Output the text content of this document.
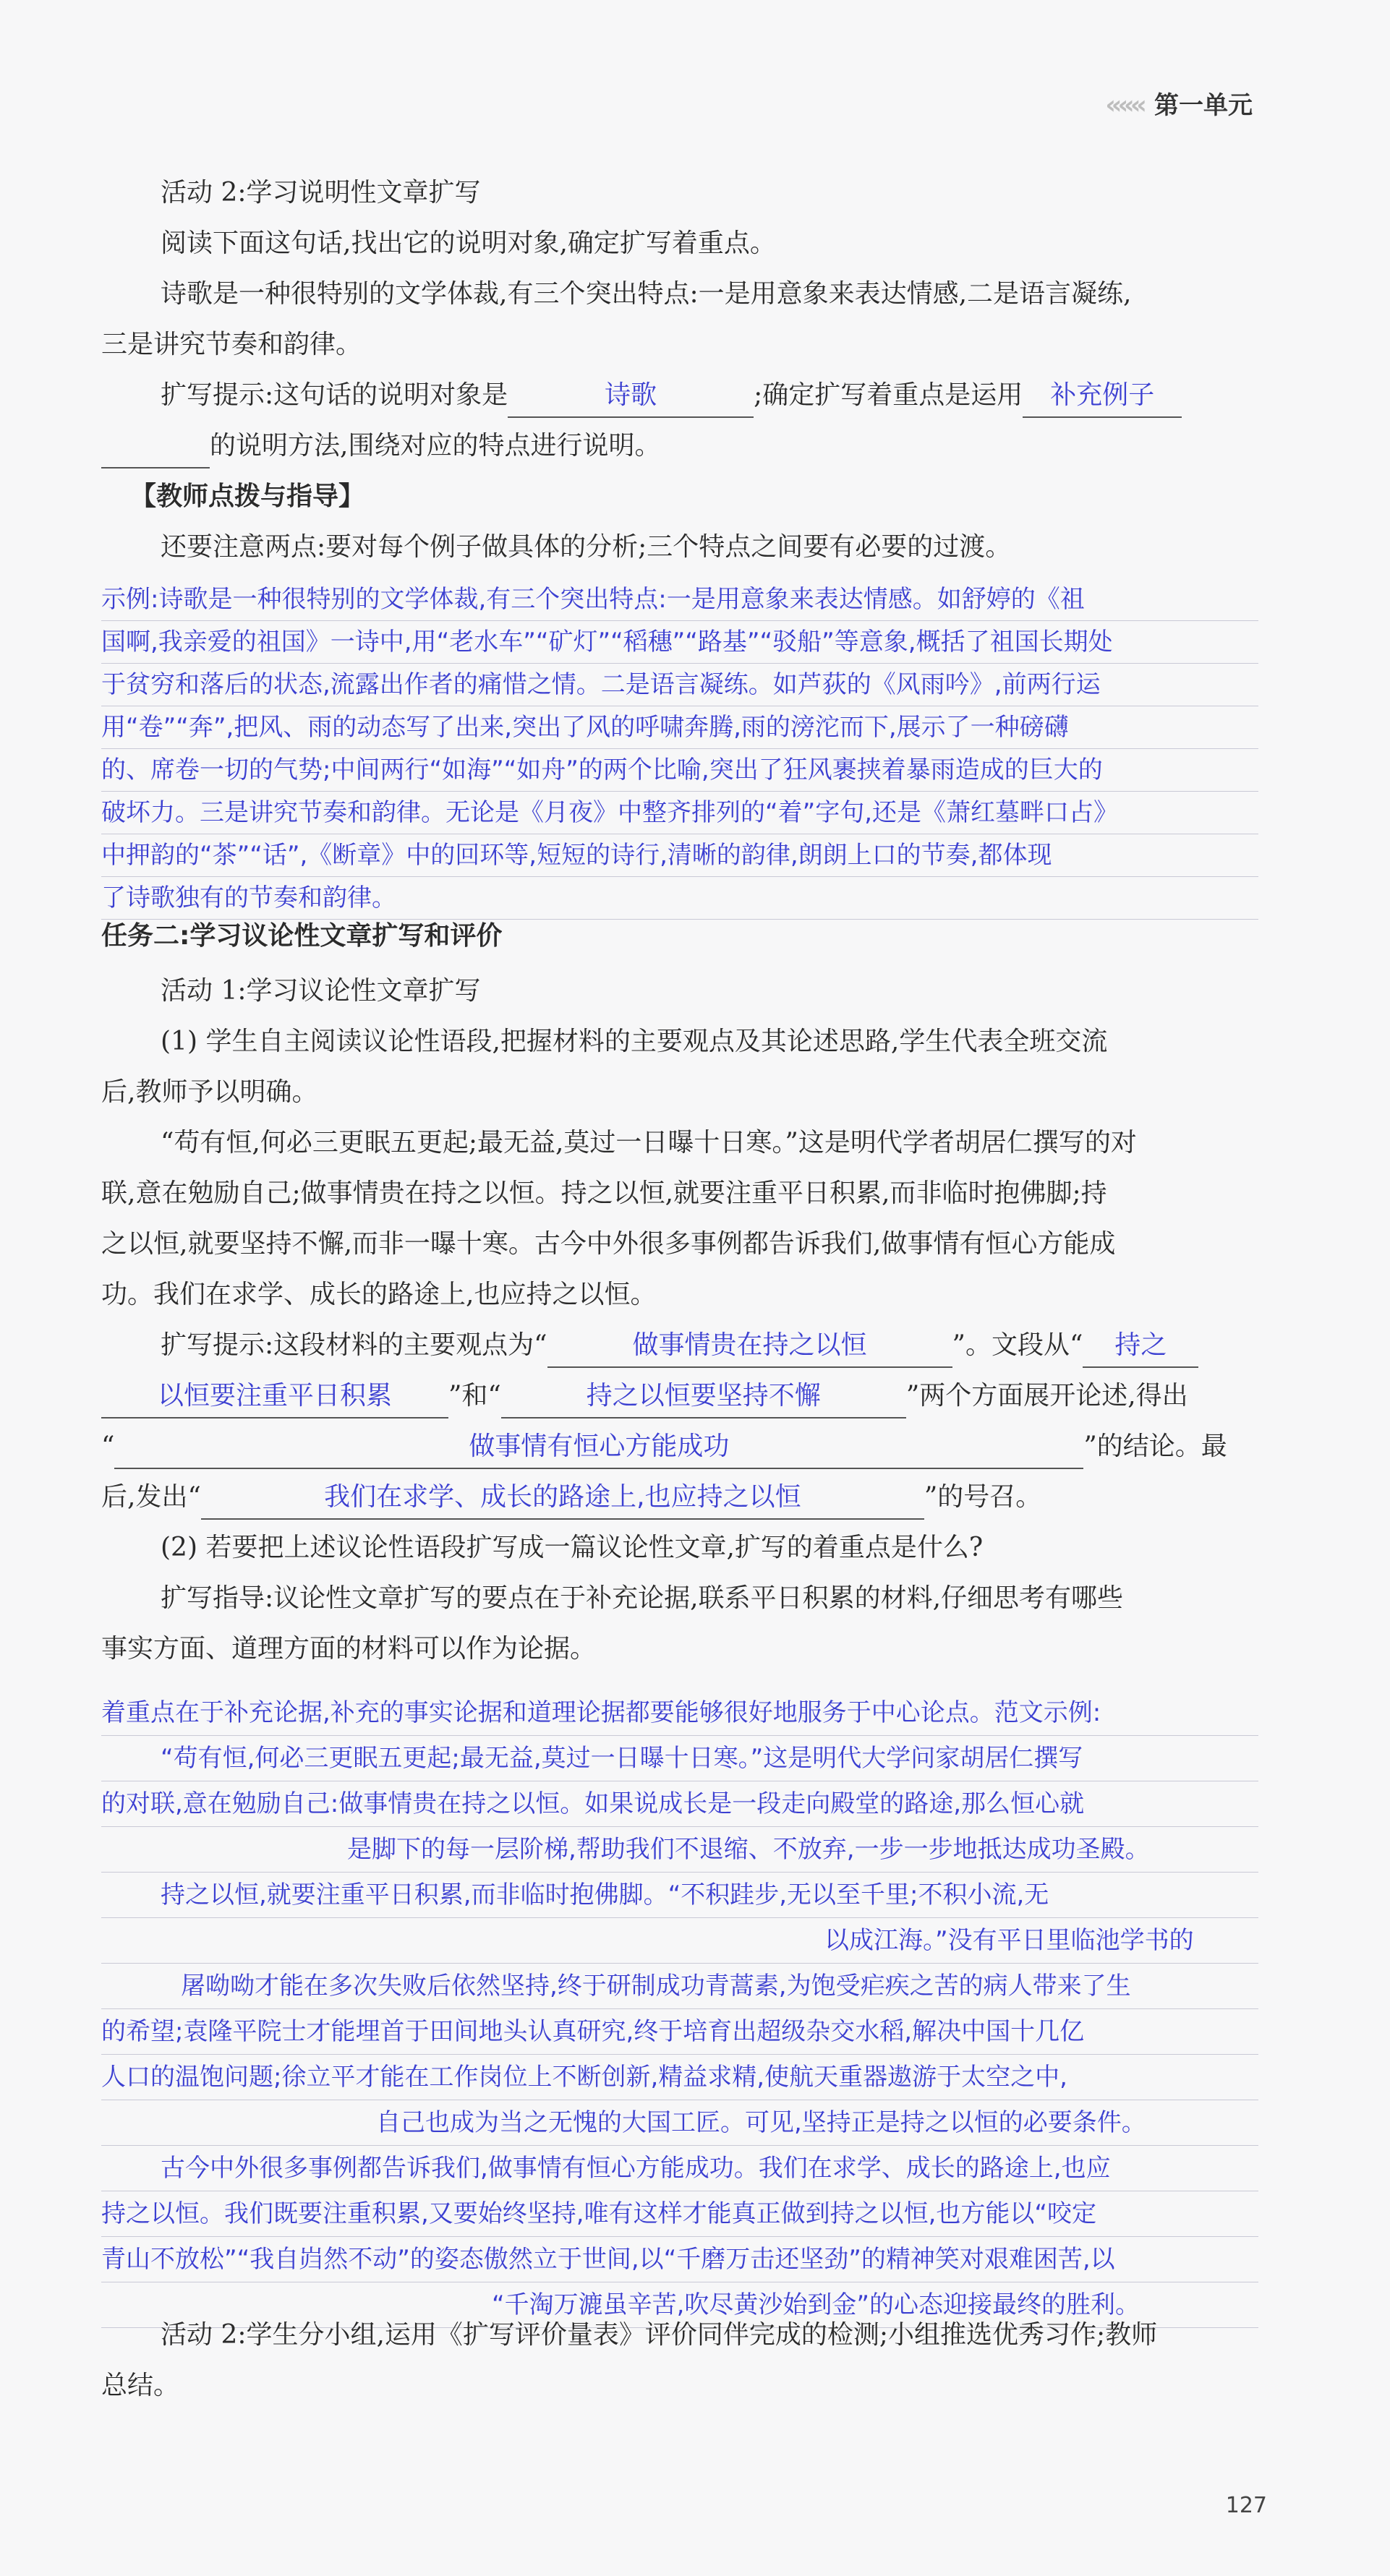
««« 第一单元

活动 2:学习说明性文章扩写

阅读下面这句话,找出它的说明对象,确定扩写着重点。

诗歌是一种很特别的文学体裁,有三个突出特点:一是用意象来表达情感,二是语言凝练,

三是讲究节奏和韵律。

扩写提示:这句话的说明对象是	诗歌	;确定扩写着重点是运用 补充例子

的说明方法,围绕对应的特点进行说明。

【教师点拨与指导】

还要注意两点:要对每个例子做具体的分析;三个特点之间要有必要的过渡。

示例:诗歌是一种很特别的文学体裁,有三个突出特点:一是用意象来表达情感。如舒婷的《祖

国啊,我亲爱的祖国》一诗中,用“老水车”“矿灯”“稻穗”“路基”“驳船”等意象,概括了祖国长期处

于贫穷和落后的状态,流露出作者的痛惜之情。二是语言凝练。如芦荻的《风雨吟》,前两行运

用“卷”“奔”,把风、雨的动态写了出来,突出了风的呼啸奔腾,雨的滂沱而下,展示了一种磅礴

的、席卷一切的气势;中间两行“如海”“如舟”的两个比喻,突出了狂风裹挟着暴雨造成的巨大的

破坏力。三是讲究节奏和韵律。无论是《月夜》中整齐排列的“着”字句,还是《萧红墓畔口占》

中押韵的“茶”“话”,《断章》中的回环等,短短的诗行,清晰的韵律,朗朗上口的节奏,都体现

了诗歌独有的节奏和韵律。

任务二:学习议论性文章扩写和评价

活动 1:学习议论性文章扩写

(1) 学生自主阅读议论性语段,把握材料的主要观点及其论述思路,学生代表全班交流

后,教师予以明确。

“苟有恒,何必三更眠五更起;最无益,莫过一日曝十日寒。”这是明代学者胡居仁撰写的对

联,意在勉励自己;做事情贵在持之以恒。持之以恒,就要注重平日积累,而非临时抱佛脚;持

之以恒,就要坚持不懈,而非一曝十寒。古今中外很多事例都告诉我们,做事情有恒心方能成

功。我们在求学、成长的路途上,也应持之以恒。

扩写提示:这段材料的主要观点为“	做事情贵在持之以恒	”。文段从“ 持之

以恒要注重平日积累 ”和“	持之以恒要坚持不懈	”两个方面展开论述,得出

“	做事情有恒心方能成功	”的结论。最

后,发出“	我们在求学、成长的路途上,也应持之以恒	”的号召。

(2) 若要把上述议论性语段扩写成一篇议论性文章,扩写的着重点是什么?

扩写指导:议论性文章扩写的要点在于补充论据,联系平日积累的材料,仔细思考有哪些

事实方面、道理方面的材料可以作为论据。

着重点在于补充论据,补充的事实论据和道理论据都要能够很好地服务于中心论点。范文示例:

“苟有恒,何必三更眠五更起;最无益,莫过一日曝十日寒。”这是明代大学问家胡居仁撰写

的对联,意在勉励自己:做事情贵在持之以恒。如果说成长是一段走向殿堂的路途,那么恒心就

是脚下的每一层阶梯,帮助我们不退缩、不放弃,一步一步地抵达成功圣殿。

持之以恒,就要注重平日积累,而非临时抱佛脚。“不积跬步,无以至千里;不积小流,无

以成江海。”没有平日里临池学书的

屠呦呦才能在多次失败后依然坚持,终于研制成功青蒿素,为饱受疟疾之苦的病人带来了生

的希望;袁隆平院士才能埋首于田间地头认真研究,终于培育出超级杂交水稻,解决中国十几亿

人口的温饱问题;徐立平才能在工作岗位上不断创新,精益求精,使航天重器遨游于太空之中,

自己也成为当之无愧的大国工匠。可见,坚持正是持之以恒的必要条件。

古今中外很多事例都告诉我们,做事情有恒心方能成功。我们在求学、成长的路途上,也应

持之以恒。我们既要注重积累,又要始终坚持,唯有这样才能真正做到持之以恒,也方能以“咬定

青山不放松”“我自岿然不动”的姿态傲然立于世间,以“千磨万击还坚劲”的精神笑对艰难困苦,以

“千淘万漉虽辛苦,吹尽黄沙始到金”的心态迎接最终的胜利。

活动 2:学生分小组,运用《扩写评价量表》评价同伴完成的检测;小组推选优秀习作;教师

总结。

127
